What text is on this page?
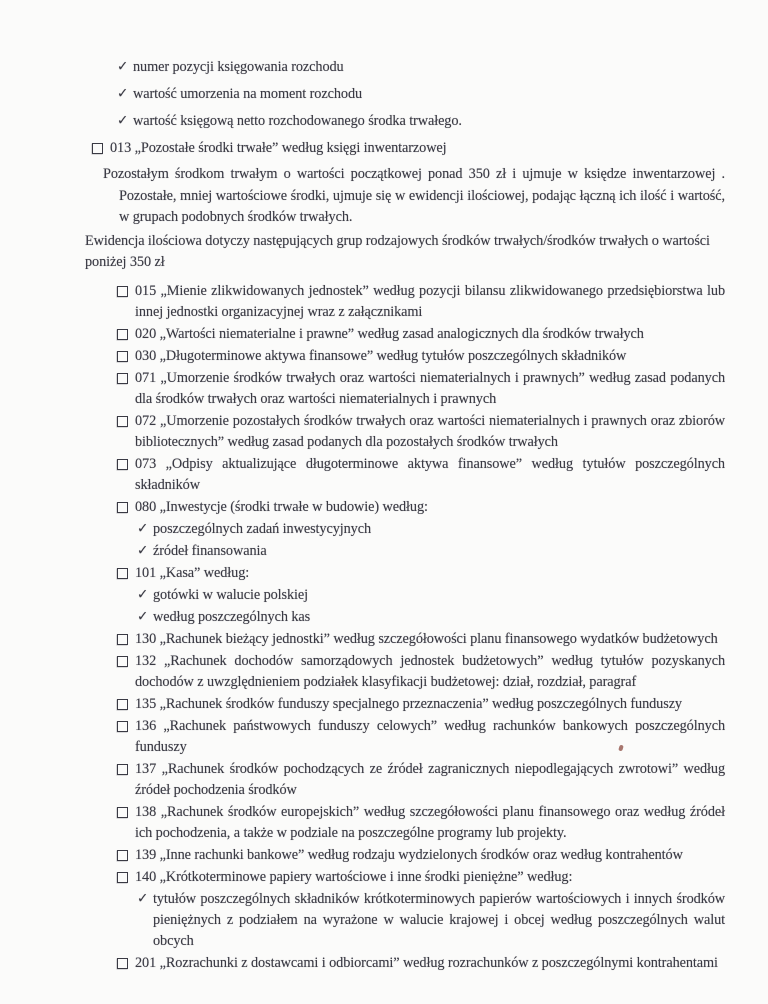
✓ numer pozycji księgowania rozchodu
✓ wartość umorzenia na moment rozchodu
✓ wartość księgową netto rozchodowanego środka trwałego.
013 „Pozostałe środki trwałe” według księgi inwentarzowej
Pozostałym środkom trwałym o wartości początkowej ponad 350 zł i ujmuje w księdze inwentarzowej . Pozostałe, mniej wartościowe środki, ujmuje się w ewidencji ilościowej, podając łączną ich ilość i wartość, w grupach podobnych środków trwałych.
Ewidencja ilościowa dotyczy następujących grup rodzajowych środków trwałych/środków trwałych o wartości poniżej 350 zł
015 „Mienie zlikwidowanych jednostek” według pozycji bilansu zlikwidowanego przedsiębiorstwa lub innej jednostki organizacyjnej wraz z załącznikami
020 „Wartości niematerialne i prawne” według zasad analogicznych dla środków trwałych
030 „Długoterminowe aktywa finansowe” według tytułów poszczególnych składników
071 „Umorzenie środków trwałych oraz wartości niematerialnych i prawnych” według zasad podanych dla środków trwałych oraz wartości niematerialnych i prawnych
072 „Umorzenie pozostałych środków trwałych oraz wartości niematerialnych i prawnych oraz zbiorów bibliotecznych” według zasad podanych dla pozostałych środków trwałych
073 „Odpisy aktualizujące długoterminowe aktywa finansowe” według tytułów poszczególnych składników
080 „Inwestycje (środki trwałe w budowie) według:
✓ poszczególnych zadań inwestycyjnych
✓ źródeł finansowania
101 „Kasa” według:
✓ gotówki w walucie polskiej
✓ według poszczególnych kas
130 „Rachunek bieżący jednostki” według szczegółowości planu finansowego wydatków budżetowych
132 „Rachunek dochodów samorządowych jednostek budżetowych” według tytułów pozyskanych dochodów z uwzględnieniem podziałek klasyfikacji budżetowej: dział, rozdział, paragraf
135 „Rachunek środków funduszy specjalnego przeznaczenia” według poszczególnych funduszy
136 „Rachunek państwowych funduszy celowych” według rachunków bankowych poszczególnych funduszy
137 „Rachunek środków pochodzących ze źródeł zagranicznych niepodlegających zwrotowi” według źródeł pochodzenia środków
138 „Rachunek środków europejskich” według szczegółowości planu finansowego oraz według źródeł ich pochodzenia, a także w podziale na poszczególne programy lub projekty.
139 „Inne rachunki bankowe” według rodzaju wydzielonych środków oraz według kontrahentów
140 „Krótkoterminowe papiery wartościowe i inne środki pieniężne” według:
✓ tytułów poszczególnych składników krótkoterminowych papierów wartościowych i innych środków pieniężnych z podziałem na wyrażone w walucie krajowej i obcej według poszczególnych walut obcych
201 „Rozrachunki z dostawcami i odbiorcami” według rozrachunków z poszczególnymi kontrahentami
